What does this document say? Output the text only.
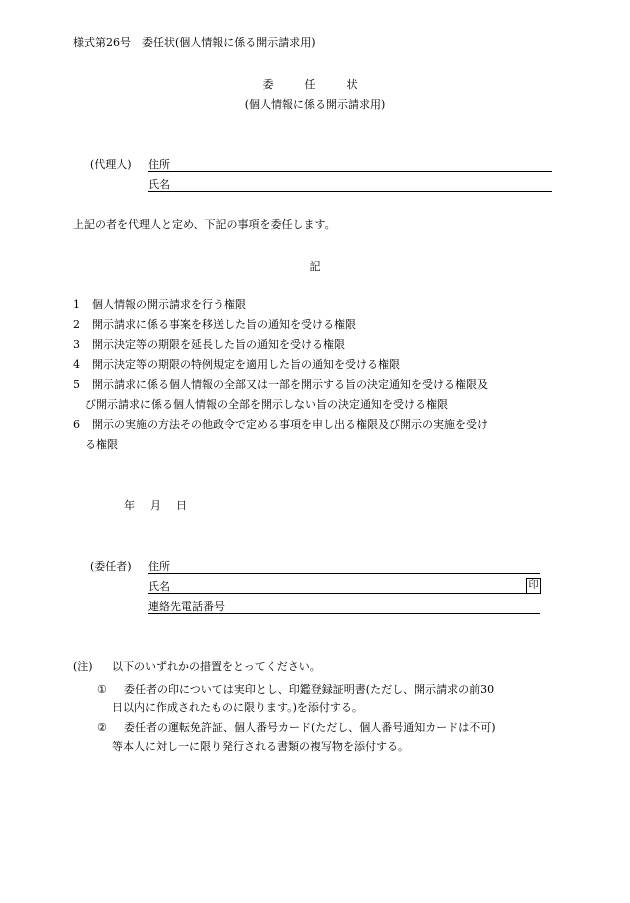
様式第26号　委任状(個人情報に係る開示請求用)
委　任　状
(個人情報に係る開示請求用)
(代理人) 住所
氏名
上記の者を代理人と定め、下記の事項を委任します。
記
1 個人情報の開示請求を行う権限
2 開示請求に係る事案を移送した旨の通知を受ける権限
3 開示決定等の期限を延長した旨の通知を受ける権限
4 開示決定等の期限の特例規定を適用した旨の通知を受ける権限
5 開示請求に係る個人情報の全部又は一部を開示する旨の決定通知を受ける権限及
び開示請求に係る個人情報の全部を開示しない旨の決定通知を受ける権限
6 開示の実施の方法その他政令で定める事項を申し出る権限及び開示の実施を受け
る権限
年 月 日
(委任者) 住所
氏名	印
連絡先電話番号
(注) 以下のいずれかの措置をとってください。
① 委任者の印については実印とし、印鑑登録証明書(ただし、開示請求の前30
日以内に作成されたものに限ります。)を添付する。
② 委任者の運転免許証、個人番号カード(ただし、個人番号通知カードは不可)
等本人に対し一に限り発行される書類の複写物を添付する。
